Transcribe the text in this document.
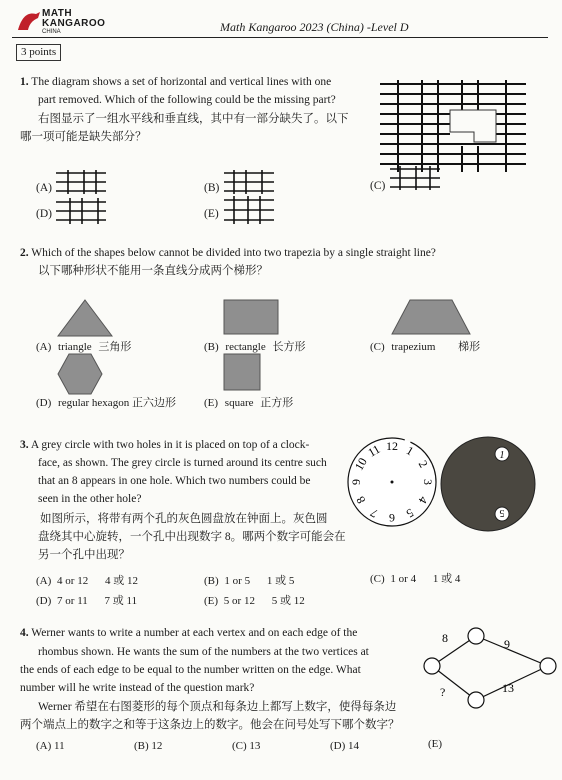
MATH
KANGAROO
CHINA	Math Kangaroo 2023 (China) -Level D
3 points
1. The diagram shows a set of horizontal and vertical lines with one
part removed. Which of the following could be the missing part?
右图显示了一组水平线和垂直线，其中有一部分缺失了。以下
哪一项可能是缺失部分？
(A)	(B)	(C)
(D)	(E)
2. Which of the shapes below cannot be divided into two trapezia by a single straight line?
以下哪种形状不能用一条直线分成两个梯形？
(A) triangle 三角形	(B) rectangle 长方形	(C) trapezium 梯形
(D) regular hexagon 正六边形	(E) square 正方形
3. A grey circle with two holes in it is placed on top of a clock-
face, as shown. The grey circle is turned around its centre such
that an 8 appears in one hole. Which two numbers could be
seen in the other hole?
如图所示，将带有两个孔的灰色圆盘放在钟面上。灰色圆
盘绕其中心旋转，一个孔中出现数字 8。哪两个数字可能会在
另一个孔中出现？
12 1
2
3
4
5
6
7
8
9
10
11	1
5
(A) 4 or 12 4 或 12	(B) 1 or 5 1 或 5	(C) 1 or 4 1 或 4
(D) 7 or 11 7 或 11	(E) 5 or 12 5 或 12
4. Werner wants to write a number at each vertex and on each edge of the
rhombus shown. He wants the sum of the numbers at the two vertices at
the ends of each edge to be equal to the number written on the edge. What
number will he write instead of the question mark?
Werner 希望在右图菱形的每个顶点和每条边上都写上数字，使得每条边
两个端点上的数字之和等于这条边上的数字。他会在问号处写下哪个数字？
8	9
?	13
(A) 11	(B) 12	(C) 13	(D) 14	(E)
